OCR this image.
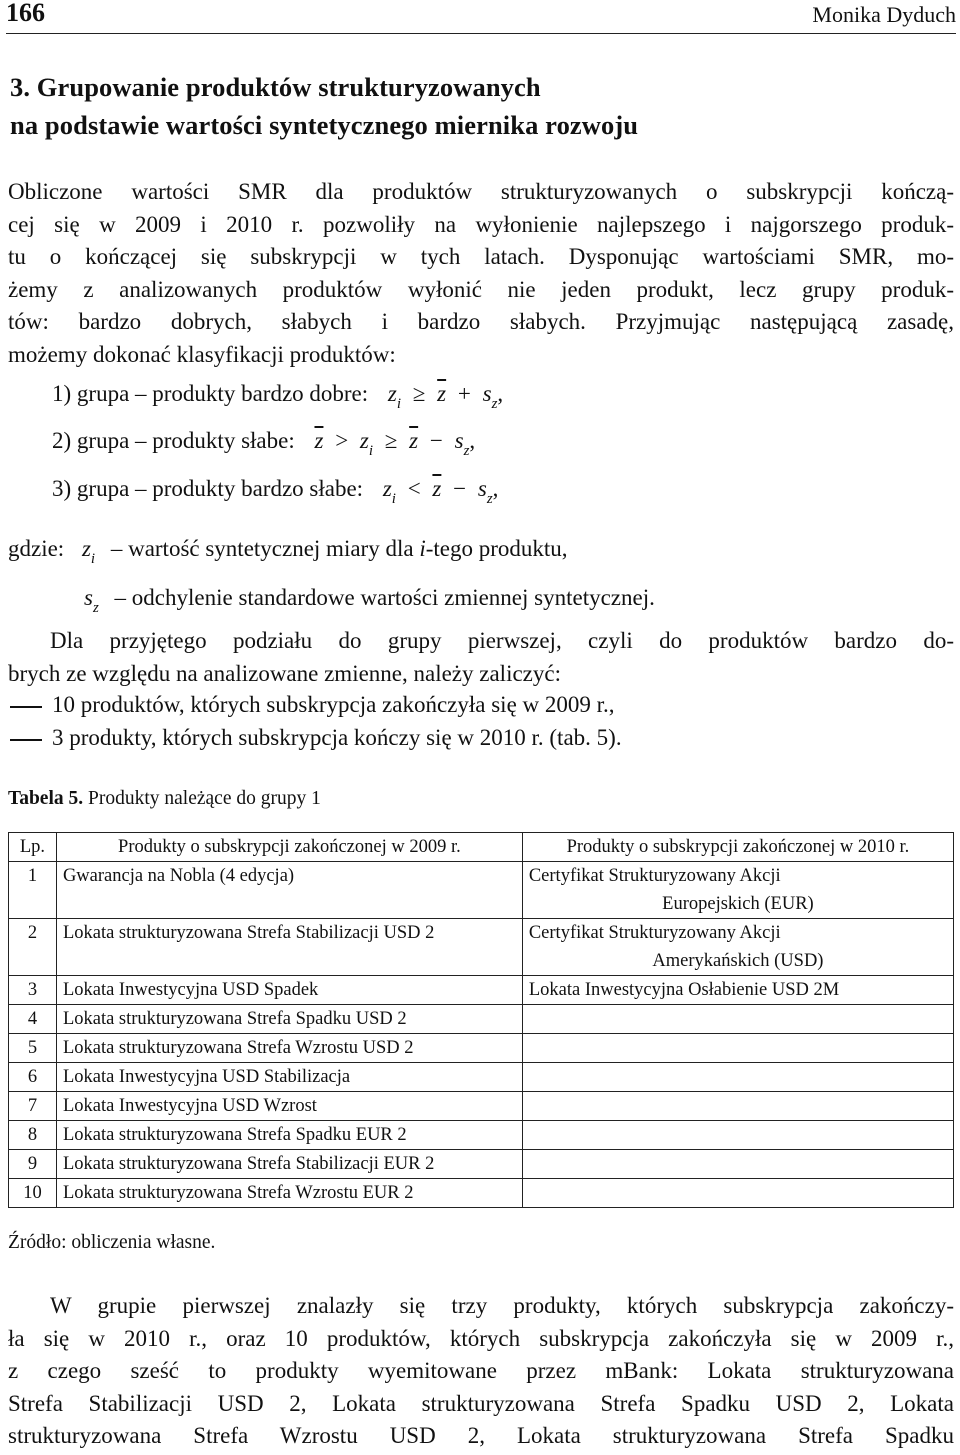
166	Monika Dyduch
3. Grupowanie produktów strukturyzowanych
na podstawie wartości syntetycznego miernika rozwoju
Obliczone wartości SMR dla produktów strukturyzowanych o subskrypcji kończą-
cej się w 2009 i 2010 r. pozwoliły na wyłonienie najlepszego i najgorszego produk-
tu o kończącej się subskrypcji w tych latach. Dysponując wartościami SMR, mo-
żemy z analizowanych produktów wyłonić nie jeden produkt, lecz grupy produk-
tów: bardzo dobrych, słabych i bardzo słabych. Przyjmując następującą zasadę,
możemy dokonać klasyfikacji produktów:
1) grupa – produkty bardzo dobre: $z_i \ge \overline{z} + s_z$,
2) grupa – produkty słabe: $\overline{z} > z_i \ge \overline{z} - s_z$,
3) grupa – produkty bardzo słabe: $z_i < \overline{z} - s_z$,
gdzie: $z_i$ – wartość syntetycznej miary dla i-tego produktu,
$s_z$ – odchylenie standardowe wartości zmiennej syntetycznej.
Dla przyjętego podziału do grupy pierwszej, czyli do produktów bardzo do-
brych ze względu na analizowane zmienne, należy zaliczyć:
10 produktów, których subskrypcja zakończyła się w 2009 r.,
3 produkty, których subskrypcja kończy się w 2010 r. (tab. 5).
Tabela 5. Produkty należące do grupy 1
Lp.	Produkty o subskrypcji zakończonej w 2009 r.	Produkty o subskrypcji zakończonej w 2010 r.
1	Gwarancja na Nobla (4 edycja)	Certyfikat Strukturyzowany Akcji
Europejskich (EUR)

2	Lokata strukturyzowana Strefa Stabilizacji USD 2	Certyfikat Strukturyzowany Akcji
Amerykańskich (USD)

3	Lokata Inwestycyjna USD Spadek	Lokata Inwestycyjna Osłabienie USD 2M
4	Lokata strukturyzowana Strefa Spadku USD 2	
5	Lokata strukturyzowana Strefa Wzrostu USD 2	
6	Lokata Inwestycyjna USD Stabilizacja	
7	Lokata Inwestycyjna USD Wzrost	
8	Lokata strukturyzowana Strefa Spadku EUR 2	
9	Lokata strukturyzowana Strefa Stabilizacji EUR 2	
10	Lokata strukturyzowana Strefa Wzrostu EUR 2	
Źródło: obliczenia własne.
W grupie pierwszej znalazły się trzy produkty, których subskrypcja zakończy-
ła się w 2010 r., oraz 10 produktów, których subskrypcja zakończyła się w 2009 r.,
z czego sześć to produkty wyemitowane przez mBank: Lokata strukturyzowana
Strefa Stabilizacji USD 2, Lokata strukturyzowana Strefa Spadku USD 2, Lokata
strukturyzowana Strefa Wzrostu USD 2, Lokata strukturyzowana Strefa Spadku
